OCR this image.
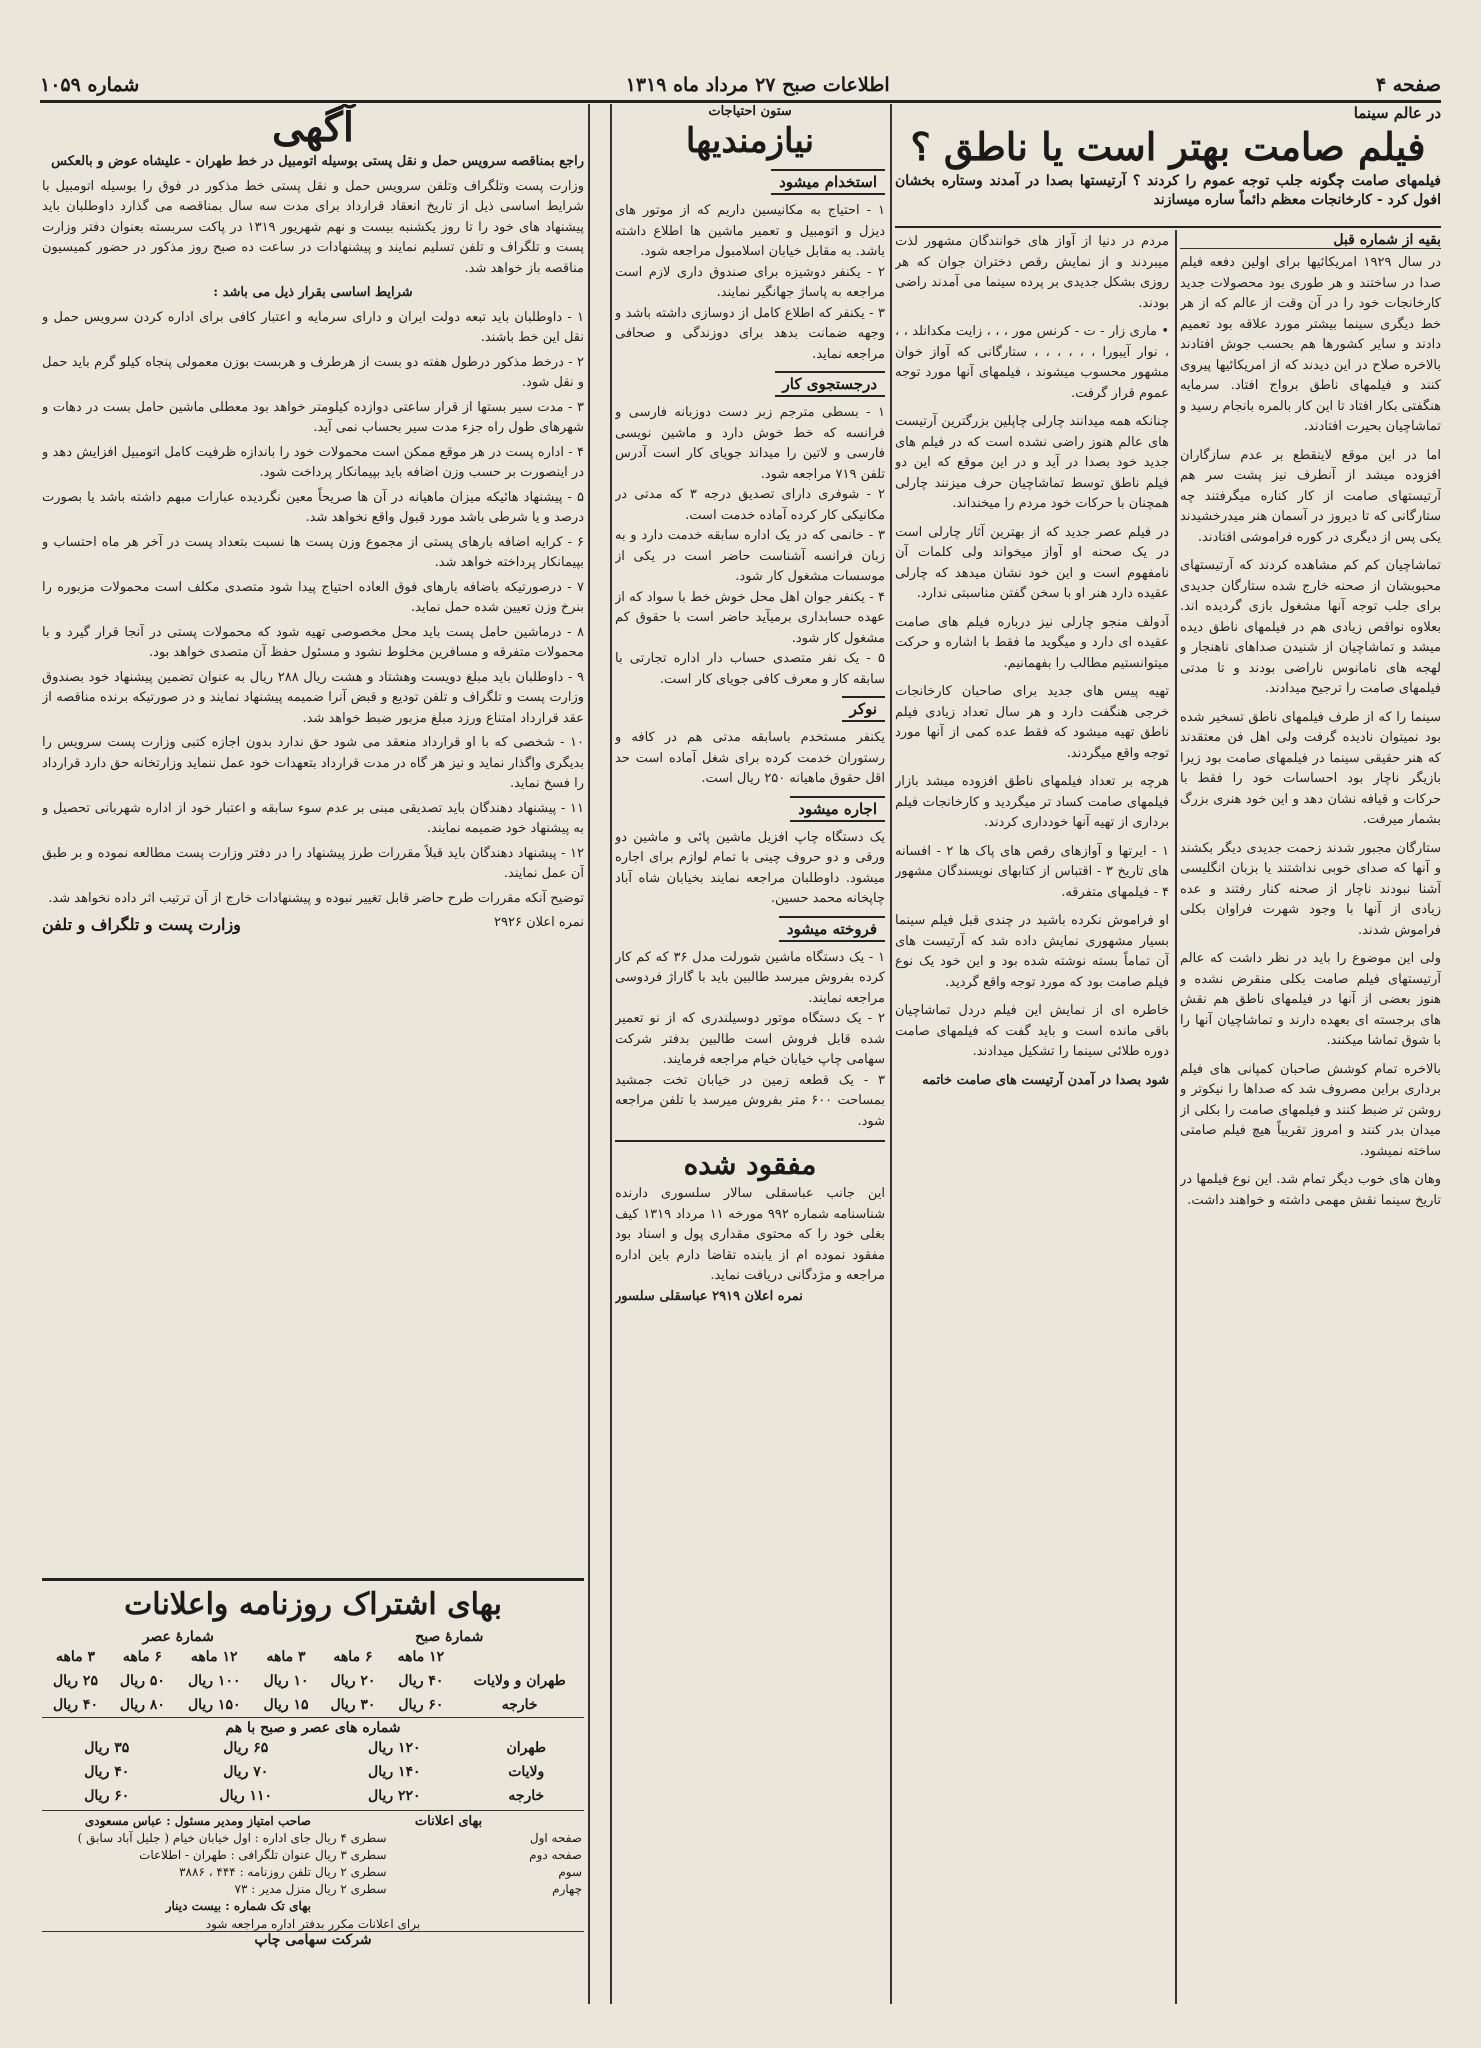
صفحه ۴
اطلاعات صبح ۲۷ مرداد ماه ۱۳۱۹
شماره ۱۰۵۹
در عالم سینما
فیلم صامت بهتر است یا ناطق ؟
فیلمهای صامت چگونه جلب توجه عموم را کردند ؟ آرتیستها بصدا در آمدند وستاره بخشان افول کرد - کارخانجات معظم دائماً ساره میسازند
بقیه از شماره قبل

در سال ۱۹۲۹ امریکائیها برای اولین دفعه فیلم صدا در ساختند و هر طوری بود محصولات جدید کارخانجات خود را در آن وقت از عالم که از هر خط دیگری سینما بیشتر مورد علاقه بود تعمیم دادند و سایر کشورها هم بحسب جوش افتادند بالاخره صلاح در این دیدند که از امریکائیها پیروی کنند و فیلمهای ناطق برواج افتاد. سرمایه هنگفتی بکار افتاد تا این کار بالمره بانجام رسید و تماشاچیان بحیرت افتادند.

اما در این موقع لاینقطع بر عدم سازگاران افزوده میشد از آنطرف نیز پشت سر هم آرتیستهای صامت از کار کناره میگرفتند چه ستارگانی که تا دیروز در آسمان هنر میدرخشیدند یکی پس از دیگری در کوره فراموشی افتادند.

تماشاچیان کم کم مشاهده کردند که آرتیستهای محبوبشان از صحنه خارج شده ستارگان جدیدی برای جلب توجه آنها مشغول بازی گردیده اند. بعلاوه نواقص زیادی هم در فیلمهای ناطق دیده میشد و تماشاچیان از شنیدن صداهای ناهنجار و لهجه های نامانوس ناراضی بودند و تا مدتی فیلمهای صامت را ترجیح میدادند.

سینما را که از طرف فیلمهای ناطق تسخیر شده بود نمیتوان نادیده گرفت ولی اهل فن معتقدند که هنر حقیقی سینما در فیلمهای صامت بود زیرا بازیگر ناچار بود احساسات خود را فقط با حرکات و قیافه نشان دهد و این خود هنری بزرگ بشمار میرفت.

ستارگان مجبور شدند زحمت جدیدی دیگر بکشند و آنها که صدای خوبی نداشتند یا بزبان انگلیسی آشنا نبودند ناچار از صحنه کنار رفتند و عده زیادی از آنها با وجود شهرت فراوان بکلی فراموش شدند.

ولی این موضوع را باید در نظر داشت که عالم آرتیستهای فیلم صامت بکلی منقرض نشده و هنوز بعضی از آنها در فیلمهای ناطق هم نقش های برجسته ای بعهده دارند و تماشاچیان آنها را با شوق تماشا میکنند.

بالاخره تمام کوشش صاحبان کمپانی های فیلم برداری براین مصروف شد که صداها را نیکوتر و روشن تر ضبط کنند و فیلمهای صامت را بکلی از میدان بدر کنند و امروز تقریباً هیچ فیلم صامتی ساخته نمیشود.

وهان های خوب دیگر تمام شد. این نوع فیلمها در تاریخ سینما نقش مهمی داشته و خواهند داشت.

مردم در دنیا از آواز های خوانندگان مشهور لذت میبردند و از نمایش رقص دختران جوان که هر روزی بشکل جدیدی بر پرده سینما می آمدند راضی بودند.

• ماری زار - ت - کرنس مور ، ، ، زایت مکدانلد ، ، ، نوار آیبورا ، ، ، ، ، ، ستارگانی که آواز خوان مشهور محسوب میشوند ، فیلمهای آنها مورد توجه عموم قرار گرفت.

چنانکه همه میدانند چارلی چاپلین بزرگترین آرتیست های عالم هنوز راضی نشده است که در فیلم های جدید خود بصدا در آید و در این موقع که این دو فیلم ناطق توسط تماشاچیان حرف میزنند چارلی همچنان با حرکات خود مردم را میخنداند.

در فیلم عصر جدید که از بهترین آثار چارلی است در یک صحنه او آواز میخواند ولی کلمات آن نامفهوم است و این خود نشان میدهد که چارلی عقیده دارد هنر او با سخن گفتن مناسبتی ندارد.

آدولف منجو چارلی نیز درباره فیلم های صامت عقیده ای دارد و میگوید ما فقط با اشاره و حرکت میتوانستیم مطالب را بفهمانیم.

تهیه پیس های جدید برای صاحبان کارخانجات خرجی هنگفت دارد و هر سال تعداد زیادی فیلم ناطق تهیه میشود که فقط عده کمی از آنها مورد توجه واقع میگردند.

هرچه بر تعداد فیلمهای ناطق افزوده میشد بازار فیلمهای صامت کساد تر میگردید و کارخانجات فیلم برداری از تهیه آنها خودداری کردند.

۱ - ایرتها و آوازهای رقص های پاک ها ۲ - افسانه های تاریخ ۳ - اقتباس از کتابهای نویسندگان مشهور ۴ - فیلمهای متفرقه.

او فراموش نکرده باشید در چندی قبل فیلم سینما بسیار مشهوری نمایش داده شد که آرتیست های آن تماماً بسته نوشته شده بود و این خود یک نوع فیلم صامت بود که مورد توجه واقع گردید.

خاطره ای از نمایش این فیلم دردل تماشاچیان باقی مانده است و باید گفت که فیلمهای صامت دوره طلائی سینما را تشکیل میدادند.

شود بصدا در آمدن آرتیست های صامت خاتمه

ستون احتیاجات
نیازمندیها
استخدام میشود

۱ - احتیاج به مکانیسین داریم که از موتور های دیزل و اتومبیل و تعمیر ماشین ها اطلاع داشته باشد. به مقابل خیابان اسلامبول مراجعه شود.
۲ - یکنفر دوشیزه برای صندوق داری لازم است مراجعه به پاساژ جهانگیر نمایند.
۳ - یکنفر که اطلاع کامل از دوسازی داشته باشد و وجهه ضمانت بدهد برای دوزندگی و صحافی مراجعه نماید.

درجستجوی کار

۱ - بسطی مترجم زبر دست دوزبانه فارسی و فرانسه که خط خوش دارد و ماشین نویسی فارسی و لاتین را میداند جویای کار است آدرس تلفن ۷۱۹ مراجعه شود.
۲ - شوفری دارای تصدیق درجه ۳ که مدتی در مکانیکی کار کرده آماده خدمت است.
۳ - خانمی که در یک اداره سابقه خدمت دارد و به زبان فرانسه آشناست حاضر است در یکی از موسسات مشغول کار شود.
۴ - یکنفر جوان اهل محل خوش خط با سواد که از عهده حسابداری برمیآید حاضر است با حقوق کم مشغول کار شود.
۵ - یک نفر متصدی حساب دار اداره تجارتی با سابقه کار و معرف کافی جویای کار است.

نوکر

یکنفر مستخدم باسابقه مدتی هم در کافه و رستوران خدمت کرده برای شغل آماده است حد اقل حقوق ماهیانه ۲۵۰ ریال است.

اجاره میشود

یک دستگاه چاپ افزیل ماشین پائی و ماشین دو ورقی و دو حروف چینی با تمام لوازم برای اجاره میشود. داوطلبان مراجعه نمایند بخیابان شاه آباد چاپخانه محمد حسین.

فروخته میشود

۱ - یک دستگاه ماشین شورلت مدل ۳۶ که کم کار کرده بفروش میرسد طالبین باید با گاراژ فردوسی مراجعه نمایند.
۲ - یک دستگاه موتور دوسیلندری که از نو تعمیر شده قابل فروش است طالبین بدفتر شرکت سهامی چاپ خیابان خیام مراجعه فرمایند.
۳ - یک قطعه زمین در خیابان تخت جمشید بمساحت ۶۰۰ متر بفروش میرسد با تلفن مراجعه شود.

مفقود شده

این جانب عباسقلی سالار سلسوری دارنده شناسنامه شماره ۹۹۲ مورخه ۱۱ مرداد ۱۳۱۹ کیف بغلی خود را که محتوی مقداری پول و اسناد بود مفقود نموده ام از یابنده تقاضا دارم باین اداره مراجعه و مژدگانی دریافت نماید.

نمره اعلان ۲۹۱۹ عباسقلی سلسور

آگهی

راجع بمناقصه سرویس حمل و نقل پستی بوسیله اتومبیل در خط طهران - علیشاه عوض و بالعکس

وزارت پست وتلگراف وتلفن سرویس حمل و نقل پستی خط مذکور در فوق را بوسیله اتومبیل با شرایط اساسی ذیل از تاریخ انعقاد قرارداد برای مدت سه سال بمناقصه می گذارد داوطلبان باید پیشنهاد های خود را تا روز یکشنبه بیست و نهم شهریور ۱۳۱۹ در پاکت سربسته بعنوان دفتر وزارت پست و تلگراف و تلفن تسلیم نمایند و پیشنهادات در ساعت ده صبح روز مذکور در حضور کمیسیون مناقصه باز خواهد شد.

شرایط اساسی بقرار ذیل می باشد :

۱ - داوطلبان باید تبعه دولت ایران و دارای سرمایه و اعتبار کافی برای اداره کردن سرویس حمل و نقل این خط باشند.

۲ - درخط مذکور درطول هفته دو بست از هرطرف و هربست بوزن معمولی پنجاه کیلو گرم باید حمل و نقل شود.

۳ - مدت سیر بستها از قرار ساعتی دوازده کیلومتر خواهد بود معطلی ماشین حامل بست در دهات و شهرهای طول راه جزء مدت سیر بحساب نمی آید.

۴ - اداره پست در هر موقع ممکن است محمولات خود را باندازه ظرفیت کامل اتومبیل افزایش دهد و در اینصورت بر حسب وزن اضافه باید بپیمانکار پرداخت شود.

۵ - پیشنهاد هائیکه میزان ماهیانه در آن ها صریحاً معین نگردیده عبارات مبهم داشته باشد یا بصورت درصد و یا شرطی باشد مورد قبول واقع نخواهد شد.

۶ - کرایه اضافه بارهای پستی از مجموع وزن پست ها نسبت بتعداد پست در آخر هر ماه احتساب و بپیمانکار پرداخته خواهد شد.

۷ - درصورتیکه باضافه بارهای فوق العاده احتیاج پیدا شود متصدی مکلف است محمولات مزبوره را بنرخ وزن تعیین شده حمل نماید.

۸ - درماشین حامل پست باید محل مخصوصی تهیه شود که محمولات پستی در آنجا قرار گیرد و با محمولات متفرقه و مسافرین مخلوط نشود و مسئول حفظ آن متصدی خواهد بود.

۹ - داوطلبان باید مبلغ دویست وهشتاد و هشت ریال ۲۸۸ ریال به عنوان تضمین پیشنهاد خود بصندوق وزارت پست و تلگراف و تلفن تودیع و قبض آنرا ضمیمه پیشنهاد نمایند و در صورتیکه برنده مناقصه از عقد قرارداد امتناع ورزد مبلغ مزبور ضبط خواهد شد.

۱۰ - شخصی که با او قرارداد منعقد می شود حق ندارد بدون اجازه کتبی وزارت پست سرویس را بدیگری واگذار نماید و نیز هر گاه در مدت قرارداد بتعهدات خود عمل ننماید وزارتخانه حق دارد قرارداد را فسخ نماید.

۱۱ - پیشنهاد دهندگان باید تصدیقی مبنی بر عدم سوء سابقه و اعتبار خود از اداره شهربانی تحصیل و به پیشنهاد خود ضمیمه نمایند.

۱۲ - پیشنهاد دهندگان باید قبلاً مقررات طرز پیشنهاد را در دفتر وزارت پست مطالعه نموده و بر طبق آن عمل نمایند.

توضیح آنکه مقررات طرح حاضر قابل تغییر نبوده و پیشنهادات خارج از آن ترتیب اثر داده نخواهد شد.

نمره اعلان ۲۹۲۶
وزارت پست و تلگراف و تلفن
بهای اشتراک روزنامه واعلانات
شمارهٔ صبح
شمارهٔ عصر
	۱۲ ماهه	۶ ماهه	۳ ماهه	۱۲ ماهه	۶ ماهه	۳ ماهه
طهران و ولایات	۴۰ ریال	۲۰ ریال	۱۰ ریال	۱۰۰ ریال	۵۰ ریال	۲۵ ریال
خارجه	۶۰ ریال	۳۰ ریال	۱۵ ریال	۱۵۰ ریال	۸۰ ریال	۴۰ ریال
شماره های عصر و صبح با هم
طهران	۱۲۰ ریال	۶۵ ریال	۳۵ ریال
ولایات	۱۴۰ ریال	۷۰ ریال	۴۰ ریال
خارجه	۲۲۰ ریال	۱۱۰ ریال	۶۰ ریال
بهای اعلانات
صفحه اول
سطری ۴ ریال
صفحه دوم
سطری ۳ ریال
سوم
سطری ۲ ریال
چهارم
سطری ۲ ریال
صاحب امتیاز ومدیر مسئول : عباس مسعودی
جای اداره : اول خیابان خیام ( جلیل آباد سابق )
عنوان تلگرافی : طهران - اطلاعات
تلفن روزنامه : ۴۴۴ ، ۳۸۸۶
منزل مدیر : ۷۳
بهای تک شماره : بیست دینار
برای اعلانات مکرر بدفتر اداره مراجعه شود
شرکت سهامی چاپ
